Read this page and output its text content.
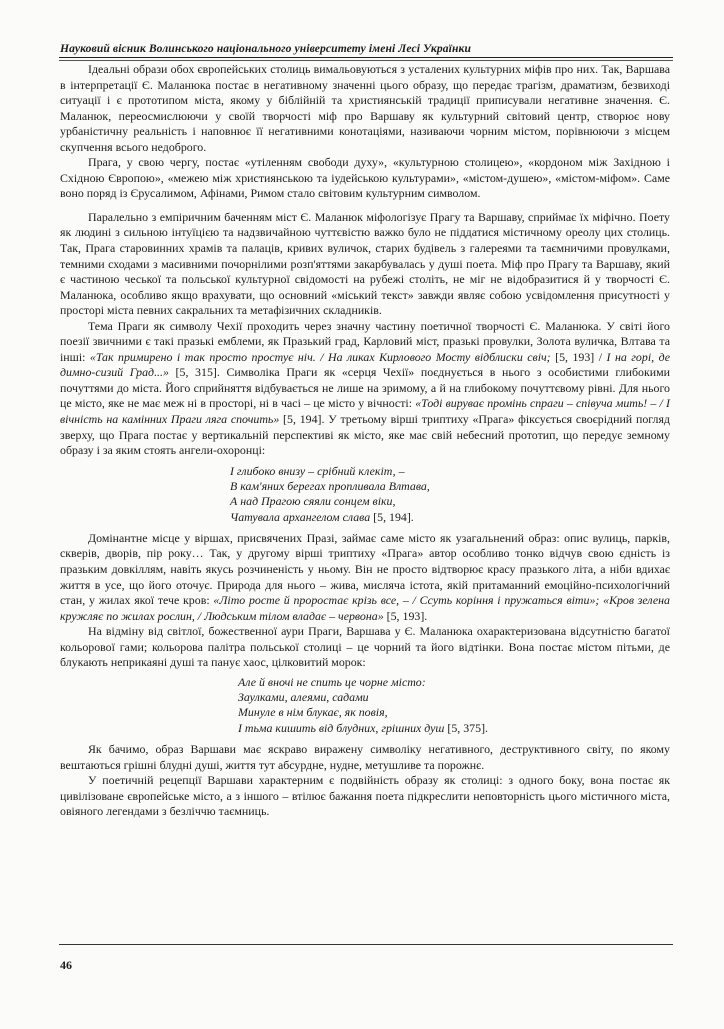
Науковий вісник Волинського національного університету імені Лесі Українки

Ідеальні образи обох європейських столиць вимальовуються з усталених культурних міфів про них. Так, Варшава в інтерпретації Є. Маланюка постає в негативному значенні цього образу, що передає трагізм, драматизм, безвиході ситуації і є прототипом міста, якому у біблійній та християнській традиції приписували негативне значення. Є. Маланюк, переосмислюючи у своїй творчості міф про Варшаву як культурний світовий центр, створює нову урбаністичну реальність і наповнює її негативними конотаціями, називаючи чорним містом, порівнюючи з місцем скупчення всього недоброго.

Прага, у свою чергу, постає «утіленням свободи духу», «культурною столицею», «кордоном між Західною і Східною Європою», «межею між християнською та іудейською культурами», «містом-душею», «містом-міфом». Саме воно поряд із Єрусалимом, Афінами, Римом стало світовим культурним символом.

Паралельно з емпіричним баченням міст Є. Маланюк міфологізує Прагу та Варшаву, сприймає їх міфічно. Поету як людині з сильною інтуїцією та надзвичайною чуттєвістю важко було не піддатися містичному ореолу цих столиць. Так, Прага старовинних храмів та палаців, кривих вуличок, старих будівель з галереями та таємничими провулками, темними сходами з масивними почорнілими розп'яттями закарбувалась у душі поета. Міф про Прагу та Варшаву, який є частиною чеської та польської культурної свідомості на рубежі століть, не міг не відобразитися й у творчості Є. Маланюка, особливо якщо врахувати, що основний «міський текст» завжди являє собою усвідомлення присутності у просторі міста певних сакральних та метафізичних складників.

Тема Праги як символу Чехії проходить через значну частину поетичної творчості Є. Маланюка. У світі його поезії звичними є такі празькі емблеми, як Празький град, Карловий міст, празькі провулки, Золота вуличка, Влтава та інші: «Так примирено і так просто простує ніч. / На ликах Кирлового Мосту відблиски свіч; [5, 193] / І на горі, де димно-сизий Град...» [5, 315]. Символіка Праги як «серця Чехії» поєднується в нього з особистими глибокими почуттями до міста. Його сприйняття відбувається не лише на зримому, а й на глибокому почуттєвому рівні. Для нього це місто, яке не має меж ні в просторі, ні в часі – це місто у вічності: «Тоді вируває промінь спраги – співуча мить! – / І вічність на камінних Праги ляга спочить» [5, 194]. У третьому вірші триптиху «Прага» фіксується своєрідний погляд зверху, що Прага постає у вертикальній перспективі як місто, яке має свій небесний прототип, що передує земному образу і за яким стоять ангели-охоронці:

І глибоко внизу – срібний клекіт, –
В кам'яних берегах пропливала Влтава,
А над Прагою сяяли сонцем віки,
Чатувала архангелом слава [5, 194].

Домінантне місце у віршах, присвячених Празі, займає саме місто як узагальнений образ: опис вулиць, парків, скверів, дворів, пір року… Так, у другому вірші триптиху «Прага» автор особливо тонко відчув свою єдність із празьким довкіллям, навіть якусь розчиненість у ньому. Він не просто відтворює красу празького літа, а ніби вдихає життя в усе, що його оточує. Природа для нього – жива, мисляча істота, якій притаманний емоційно-психологічний стан, у жилах якої тече кров: «Літо росте й проростає крізь все, – / Ссуть коріння і пружаться віти»; «Кров зелена кружляє по жилах рослин, / Людським тілом владає – червона» [5, 193].

На відміну від світлої, божественної аури Праги, Варшава у Є. Маланюка охарактеризована відсутністю багатої кольорової гами; кольорова палітра польської столиці – це чорний та його відтінки. Вона постає містом пітьми, де блукають неприкаяні душі та панує хаос, цілковитий морок:

Але й вночі не спить це чорне місто:
Заулками, алеями, садами
Минуле в нім блукає, як повія,
І тьма кишить від блудних, грішних душ [5, 375].

Як бачимо, образ Варшави має яскраво виражену символіку негативного, деструктивного світу, по якому вештаються грішні блудні душі, життя тут абсурдне, нудне, метушливе та порожнє.

У поетичній рецепції Варшави характерним є подвійність образу як столиці: з одного боку, вона постає як цивілізоване європейське місто, а з іншого – втілює бажання поета підкреслити неповторність цього містичного міста, овіяного легендами з безліччю таємниць.

46
